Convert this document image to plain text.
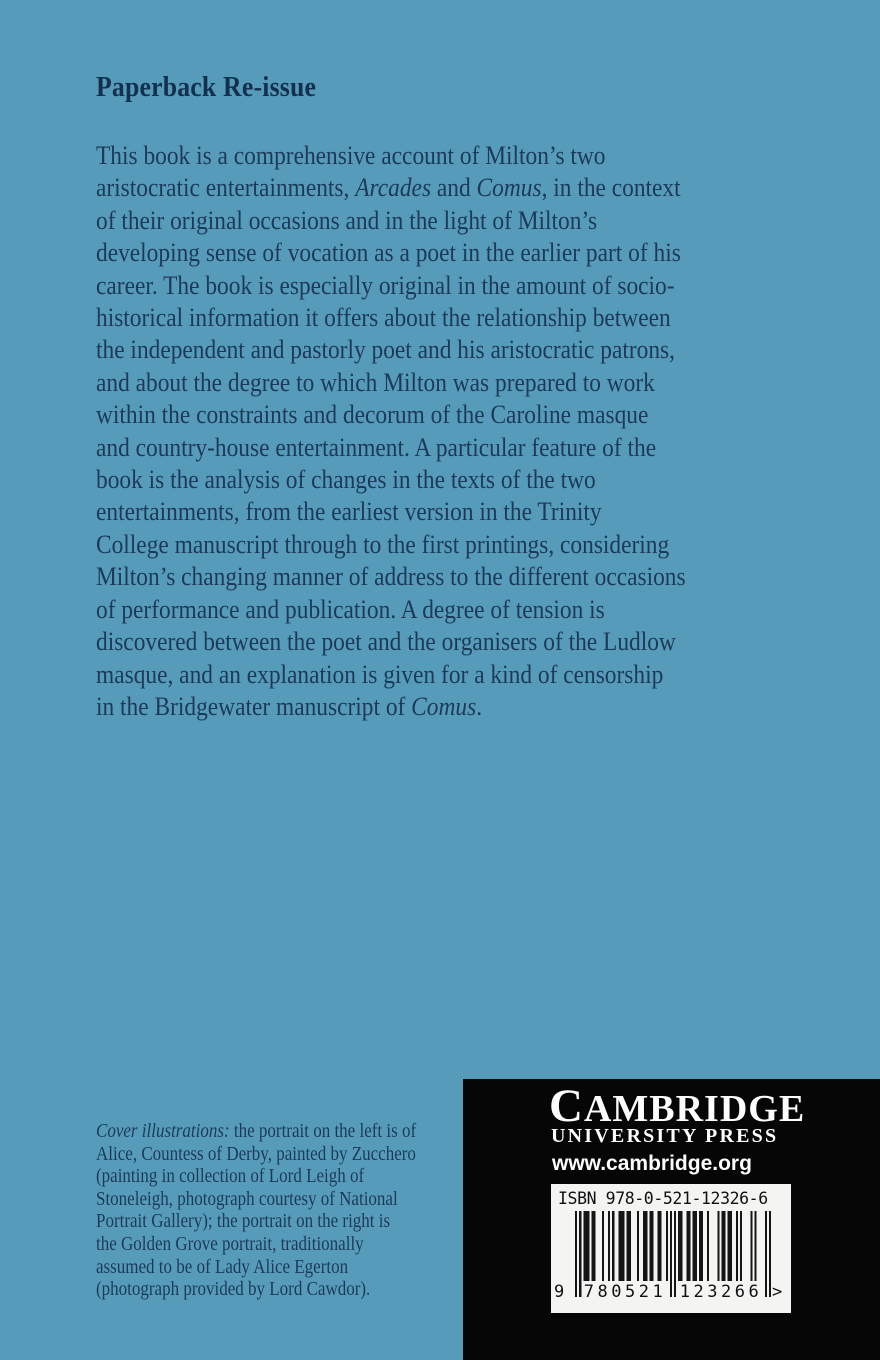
Paperback Re-issue
This book is a comprehensive account of Milton’s two
aristocratic entertainments, Arcades and Comus, in the context
of their original occasions and in the light of Milton’s
developing sense of vocation as a poet in the earlier part of his
career. The book is especially original in the amount of socio-
historical information it offers about the relationship between
the independent and pastorly poet and his aristocratic patrons,
and about the degree to which Milton was prepared to work
within the constraints and decorum of the Caroline masque
and country-house entertainment. A particular feature of the
book is the analysis of changes in the texts of the two
entertainments, from the earliest version in the Trinity
College manuscript through to the first printings, considering
Milton’s changing manner of address to the different occasions
of performance and publication. A degree of tension is
discovered between the poet and the organisers of the Ludlow
masque, and an explanation is given for a kind of censorship
in the Bridgewater manuscript of Comus.
Cover illustrations: the portrait on the left is of
Alice, Countess of Derby, painted by Zucchero
(painting in collection of Lord Leigh of
Stoneleigh, photograph courtesy of National
Portrait Gallery); the portrait on the right is
the Golden Grove portrait, traditionally
assumed to be of Lady Alice Egerton
(photograph provided by Lord Cawdor).
CAMBRIDGE
UNIVERSITY PRESS
www.cambridge.org
ISBN 978-0-521-12326-6
9 780521 123266 >
